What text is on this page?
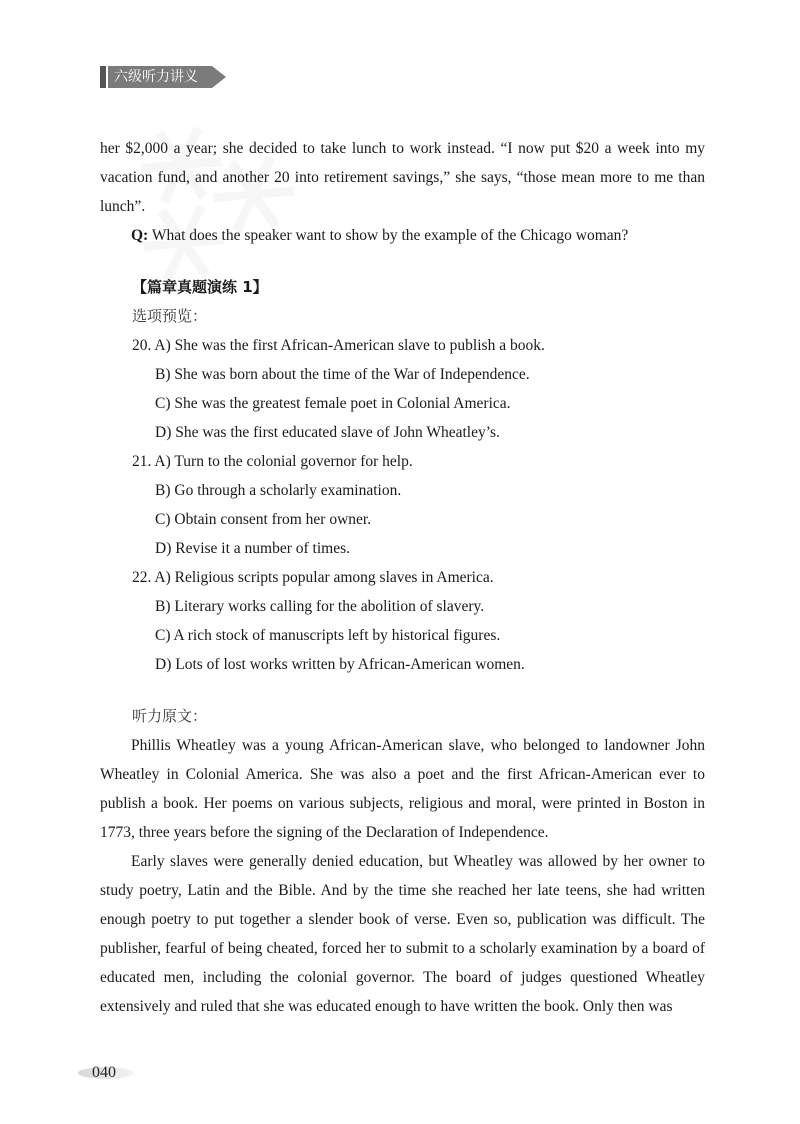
六级听力讲义

her $2,000 a year; she decided to take lunch to work instead. “I now put $20 a week into my vacation fund, and another 20 into retirement savings,” she says, “those mean more to me than lunch”.

Q: What does the speaker want to show by the example of the Chicago woman?

【篇章真题演练 1】
选项预览：
20. A) She was the first African-American slave to publish a book.
B) She was born about the time of the War of Independence.
C) She was the greatest female poet in Colonial America.
D) She was the first educated slave of John Wheatley’s.
21. A) Turn to the colonial governor for help.
B) Go through a scholarly examination.
C) Obtain consent from her owner.
D) Revise it a number of times.
22. A) Religious scripts popular among slaves in America.
B) Literary works calling for the abolition of slavery.
C) A rich stock of manuscripts left by historical figures.
D) Lots of lost works written by African-American women.
听力原文：

Phillis Wheatley was a young African-American slave, who belonged to landowner John Wheatley in Colonial America. She was also a poet and the first African-American ever to publish a book. Her poems on various subjects, religious and moral, were printed in Boston in 1773, three years before the signing of the Declaration of Independence.

Early slaves were generally denied education, but Wheatley was allowed by her owner to study poetry, Latin and the Bible. And by the time she reached her late teens, she had written enough poetry to put together a slender book of verse. Even so, publication was difficult. The publisher, fearful of being cheated, forced her to submit to a scholarly examination by a board of educated men, including the colonial governor. The board of judges questioned Wheatley extensively and ruled that she was educated enough to have written the book. Only then was

040
